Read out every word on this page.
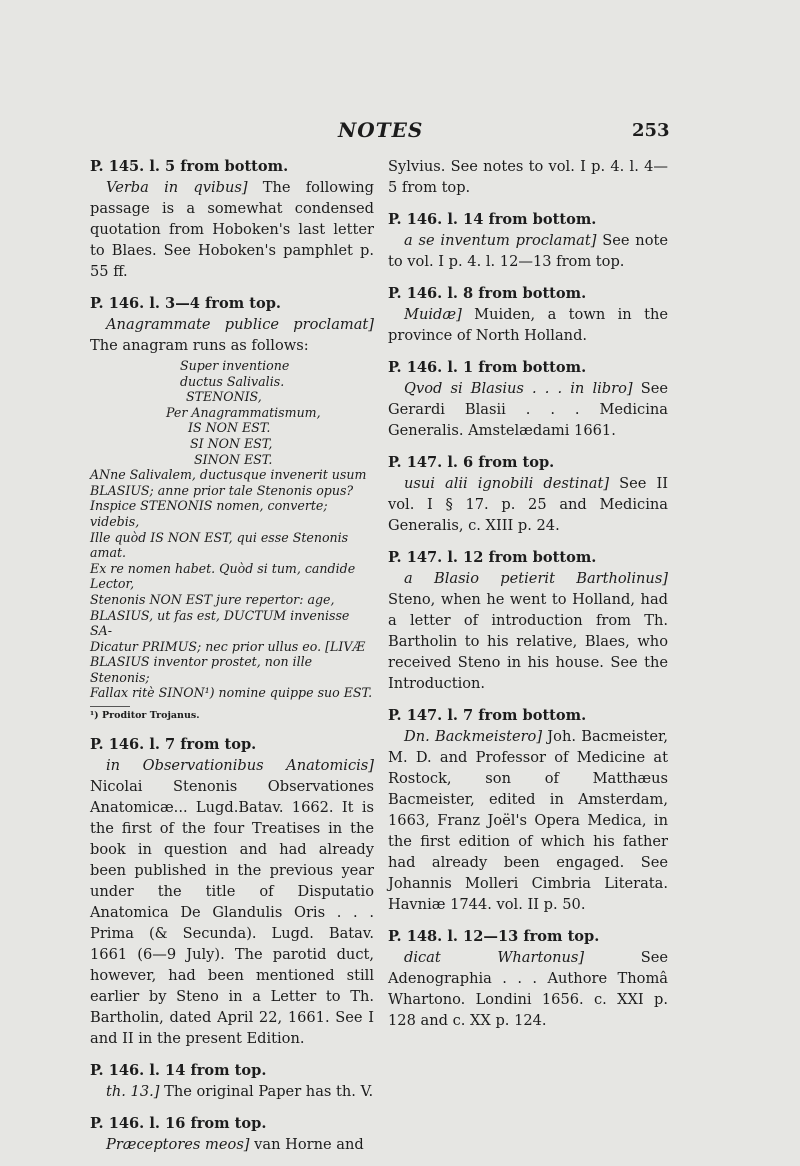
NOTES	253

P. 145. l. 5 from bottom.

Verba in qvibus] The following passage is a somewhat condensed quotation from Hoboken's last letter to Blaes. See Hoboken's pamphlet p. 55 ff.

P. 146. l. 3—4 from top.

Anagrammate publice proclamat] The anagram runs as follows:

Super inventione
ductus Salivalis.
STENONIS,
Per Anagrammatismum,
IS NON EST.
SI NON EST,
SINON EST.
ANne Salivalem, ductusque invenerit usum
BLASIUS; anne prior tale Stenonis opus?
Inspice STENONIS nomen, converte; videbis,
Ille quòd IS NON EST, qui esse Stenonis amat.
Ex re nomen habet. Quòd si tum, candide Lector,
Stenonis NON EST jure repertor: age,
BLASIUS, ut fas est, DUCTUM invenisse SA-
Dicatur PRIMUS; nec prior ullus eo. [LIVÆ
BLASIUS inventor prostet, non ille Stenonis;
Fallax ritè SINON¹) nomine quippe suo EST.
¹) Proditor Trojanus.

P. 146. l. 7 from top.

in Observationibus Anatomicis] Nicolai Stenonis Observationes Anatomicæ... Lugd.Batav. 1662. It is the first of the four Treatises in the book in question and had already been published in the previous year under the title of Disputatio Anatomica De Glandulis Oris . . . Prima (& Secunda). Lugd. Batav. 1661 (6—9 July). The parotid duct, however, had been mentioned still earlier by Steno in a Letter to Th. Bartholin, dated April 22, 1661. See I and II in the present Edition.

P. 146. l. 14 from top.

th. 13.] The original Paper has th. V.

P. 146. l. 16 from top.

Præceptores meos] van Horne and

Sylvius. See notes to vol. I p. 4. l. 4—5 from top.

P. 146. l. 14 from bottom.

a se inventum proclamat] See note to vol. I p. 4. l. 12—13 from top.

P. 146. l. 8 from bottom.

Muidæ] Muiden, a town in the province of North Holland.

P. 146. l. 1 from bottom.

Qvod si Blasius . . . in libro] See Gerardi Blasii . . . Medicina Generalis. Amstelædami 1661.

P. 147. l. 6 from top.

usui alii ignobili destinat] See II vol. I § 17. p. 25 and Medicina Generalis, c. XIII p. 24.

P. 147. l. 12 from bottom.

a Blasio petierit Bartholinus] Steno, when he went to Holland, had a letter of introduction from Th. Bartholin to his relative, Blaes, who received Steno in his house. See the Introduction.

P. 147. l. 7 from bottom.

Dn. Backmeistero] Joh. Bacmeister, M. D. and Professor of Medicine at Rostock, son of Matthæus Bacmeister, edited in Amsterdam, 1663, Franz Joël's Opera Medica, in the first edition of which his father had already been engaged. See Johannis Molleri Cimbria Literata. Havniæ 1744. vol. II p. 50.

P. 148. l. 12—13 from top.

dicat Whartonus] See Adenographia . . . Authore Thomâ Whartono. Londini 1656. c. XXI p. 128 and c. XX p. 124.
